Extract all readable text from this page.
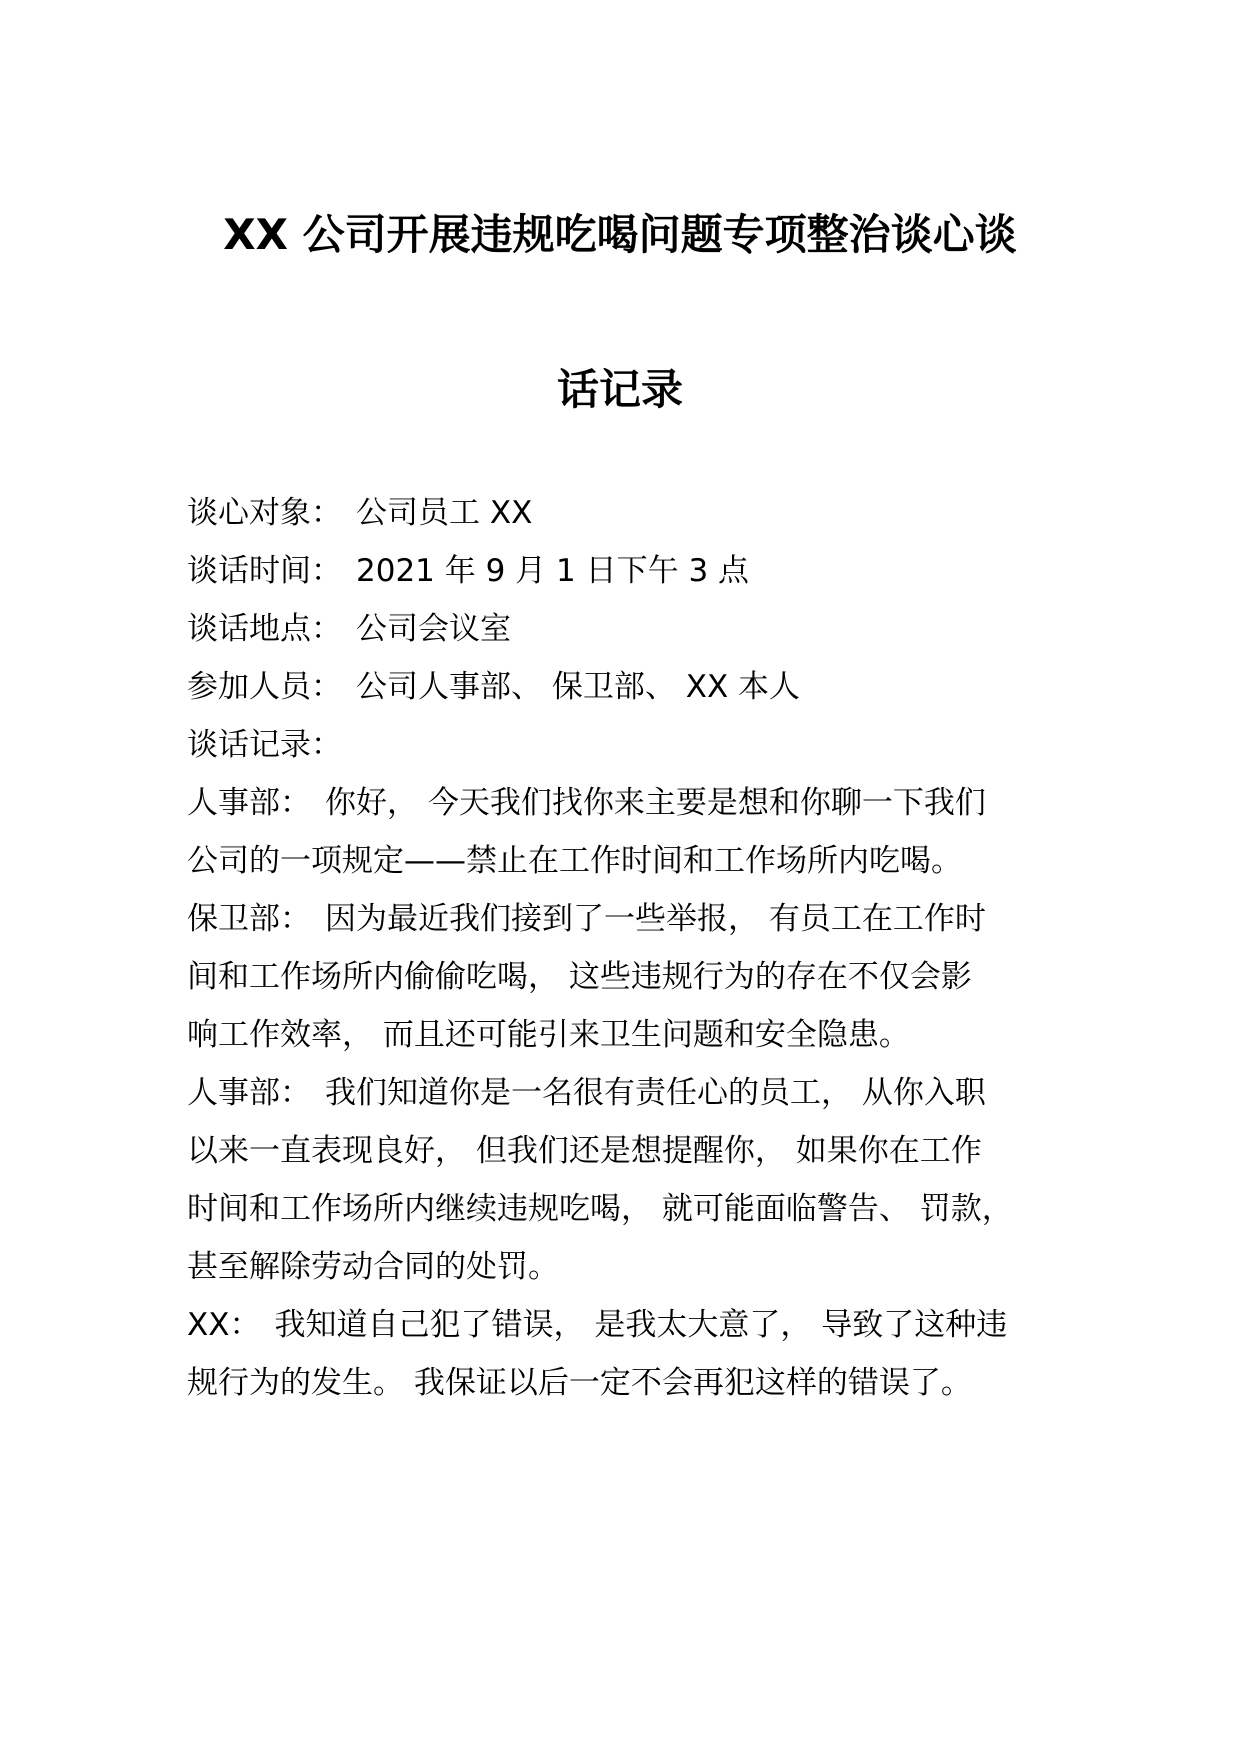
XX 公司开展违规吃喝问题专项整治谈心谈
话记录
谈心对象： 公司员工 XX
谈话时间： 2021 年 9 月 1 日下午 3 点
谈话地点： 公司会议室
参加人员： 公司人事部、 保卫部、 XX 本人
谈话记录：
人事部： 你好， 今天我们找你来主要是想和你聊一下我们
公司的一项规定——禁止在工作时间和工作场所内吃喝。
保卫部： 因为最近我们接到了一些举报， 有员工在工作时
间和工作场所内偷偷吃喝， 这些违规行为的存在不仅会影
响工作效率， 而且还可能引来卫生问题和安全隐患。
人事部： 我们知道你是一名很有责任心的员工， 从你入职
以来一直表现良好， 但我们还是想提醒你， 如果你在工作
时间和工作场所内继续违规吃喝， 就可能面临警告、 罚款，
甚至解除劳动合同的处罚。
XX： 我知道自己犯了错误， 是我太大意了， 导致了这种违
规行为的发生。 我保证以后一定不会再犯这样的错误了。
